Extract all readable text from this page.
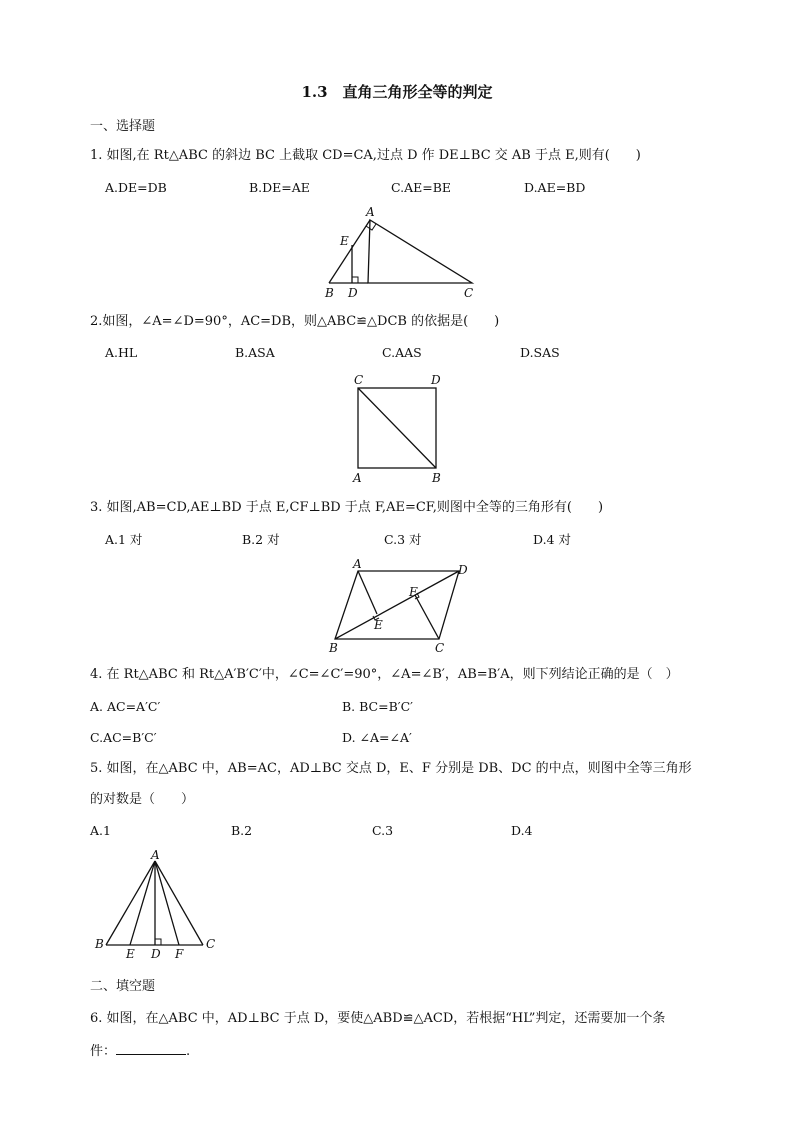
1.3　直角三角形全等的判定
一、选择题
1. 如图,在 Rt△ABC 的斜边 BC 上截取 CD=CA,过点 D 作 DE⊥BC 交 AB 于点 E,则有(　　)
A.DE=DB	B.DE=AE	C.AE=BE	D.AE=BD
A
E
B D	C
2.如图，∠A=∠D=90°，AC=DB，则△ABC≌△DCB 的依据是(　　)
A.HL	B.ASA	C.AAS	D.SAS
C	D
A	B
3. 如图,AB=CD,AE⊥BD 于点 E,CF⊥BD 于点 F,AE=CF,则图中全等的三角形有(　　)
A.1 对	B.2 对	C.3 对	D.4 对
A	D
F
E
B	C
4. 在 Rt△ABC 和 Rt△A′B′C′中，∠C=∠C′=90°，∠A=∠B′，AB=B′A，则下列结论正确的是（　）
A. AC=A′C′	B. BC=B′C′
C.AC=B′C′	D. ∠A=∠A′
5. 如图，在△ABC 中，AB=AC，AD⊥BC 交点 D，E、F 分别是 DB、DC 的中点，则图中全等三角形
的对数是（　　）
A.1	B.2	C.3	D.4
A
B
E D F
C
二、填空题
6. 如图，在△ABC 中，AD⊥BC 于点 D，要使△ABD≌△ACD，若根据“HL”判定，还需要加一个条
件：	.
